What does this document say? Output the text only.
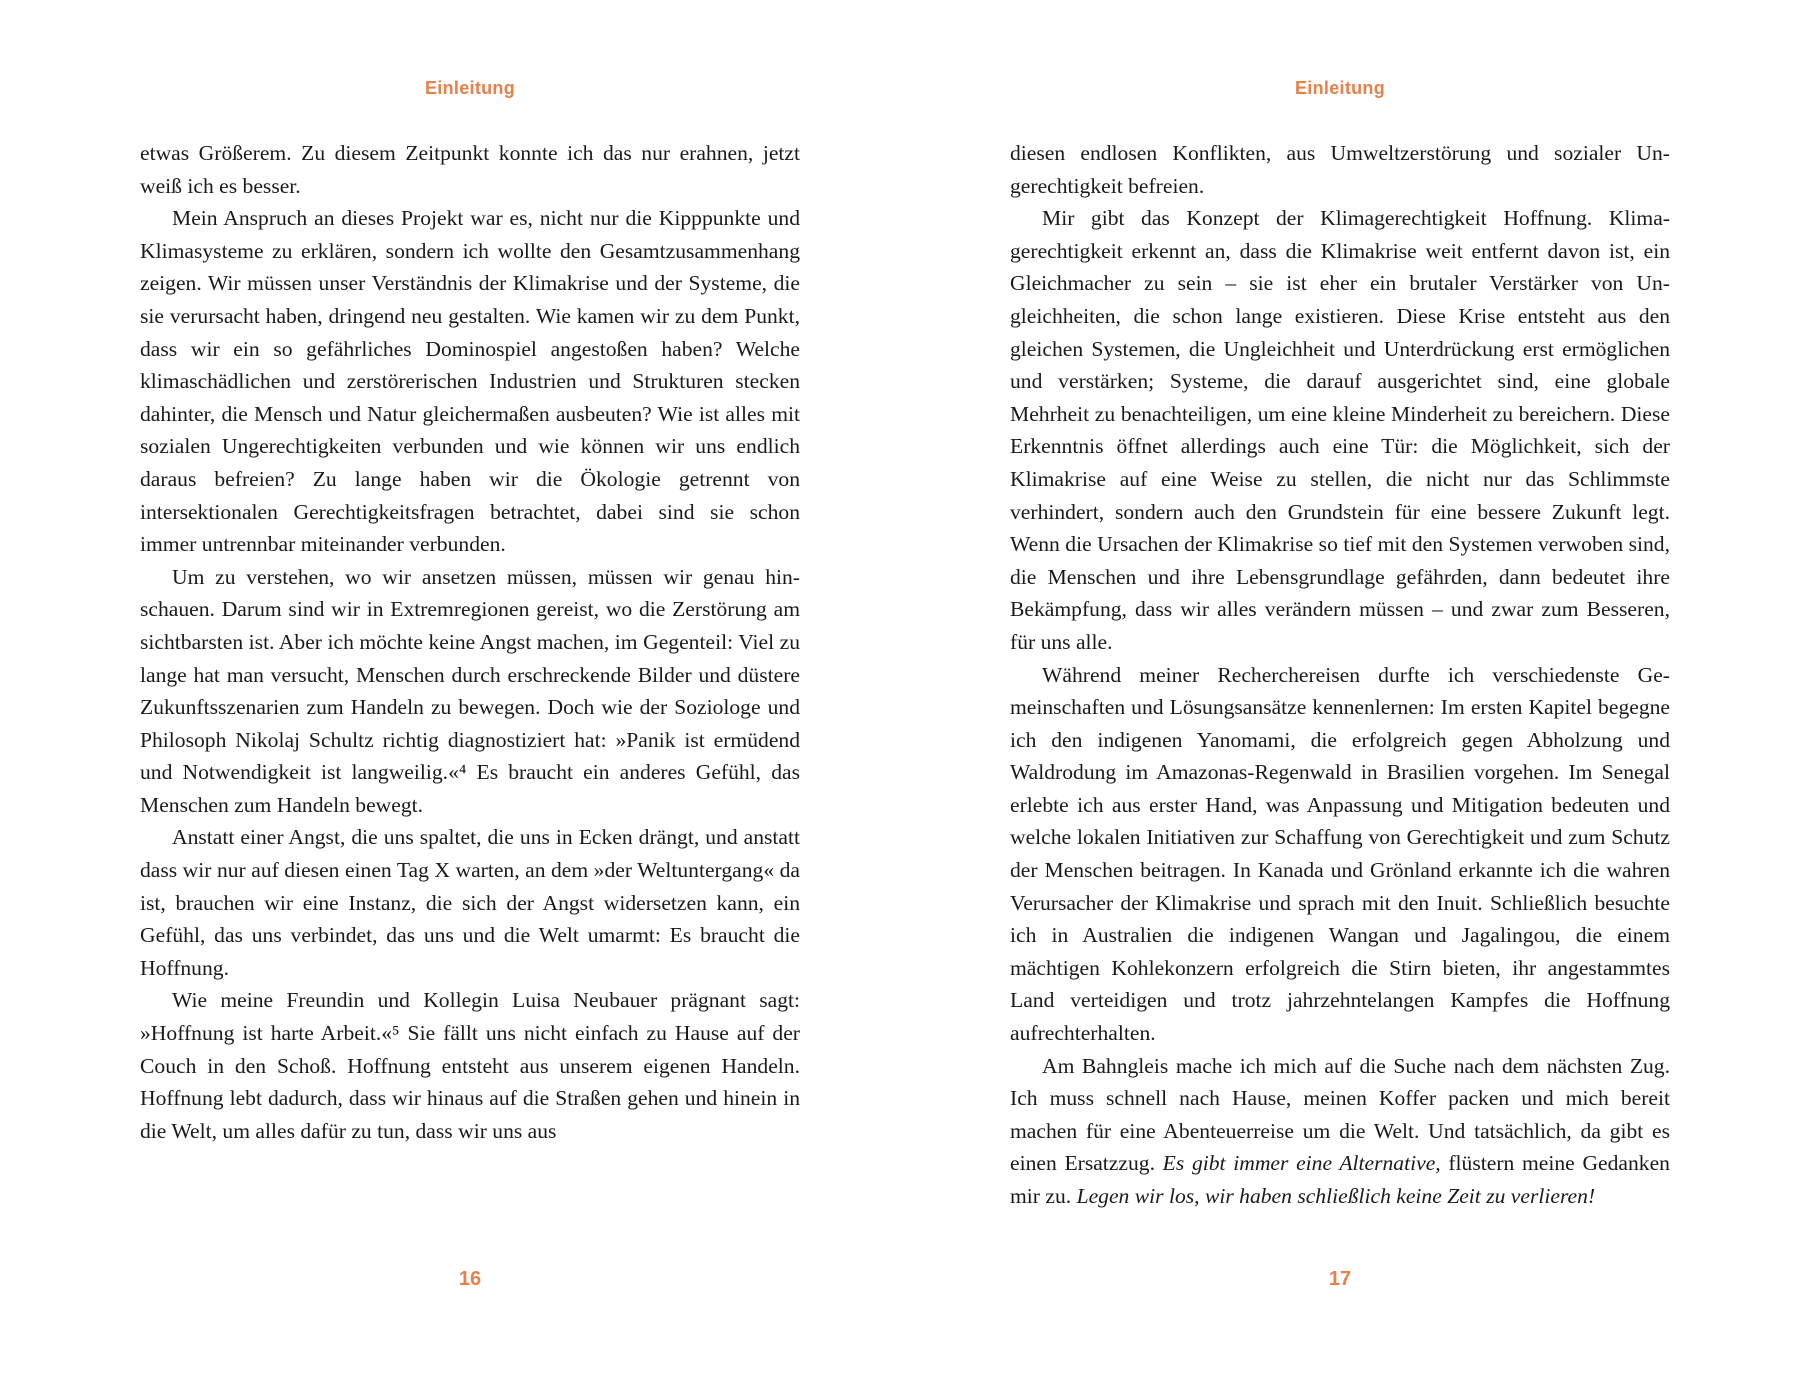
Einleitung

etwas Größerem. Zu diesem Zeitpunkt konnte ich das nur erahnen, jetzt weiß ich es besser.

Mein Anspruch an dieses Projekt war es, nicht nur die Kipppunkte und Klimasysteme zu erklären, sondern ich wollte den Gesamtzusammenhang zeigen. Wir müssen unser Verständnis der Klimakrise und der Systeme, die sie verursacht haben, dringend neu gestalten. Wie kamen wir zu dem Punkt, dass wir ein so gefährliches Dominospiel angestoßen haben? Welche klimaschädlichen und zerstörerischen Industrien und Strukturen stecken dahinter, die Mensch und Natur gleichermaßen ausbeuten? Wie ist alles mit sozialen Ungerechtigkeiten verbunden und wie können wir uns endlich daraus befreien? Zu lange haben wir die Ökologie getrennt von intersektionalen Gerechtigkeitsfragen betrachtet, dabei sind sie schon immer untrennbar miteinander verbunden.

Um zu verstehen, wo wir ansetzen müssen, müssen wir genau hinschauen. Darum sind wir in Extremregionen gereist, wo die Zerstörung am sichtbarsten ist. Aber ich möchte keine Angst machen, im Gegenteil: Viel zu lange hat man versucht, Menschen durch erschreckende Bilder und düstere Zukunftsszenarien zum Handeln zu bewegen. Doch wie der Soziologe und Philosoph Nikolaj Schultz richtig diagnostiziert hat: »Panik ist ermüdend und Notwendigkeit ist langweilig.«⁴ Es braucht ein anderes Gefühl, das Menschen zum Handeln bewegt.

Anstatt einer Angst, die uns spaltet, die uns in Ecken drängt, und anstatt dass wir nur auf diesen einen Tag X warten, an dem »der Weltuntergang« da ist, brauchen wir eine Instanz, die sich der Angst widersetzen kann, ein Gefühl, das uns verbindet, das uns und die Welt umarmt: Es braucht die Hoffnung.

Wie meine Freundin und Kollegin Luisa Neubauer prägnant sagt: »Hoffnung ist harte Arbeit.«⁵ Sie fällt uns nicht einfach zu Hause auf der Couch in den Schoß. Hoffnung entsteht aus unserem eigenen Handeln. Hoffnung lebt dadurch, dass wir hinaus auf die Straßen gehen und hinein in die Welt, um alles dafür zu tun, dass wir uns aus

16
Einleitung

diesen endlosen Konflikten, aus Umweltzerstörung und sozialer Ungerechtigkeit befreien.

Mir gibt das Konzept der Klimagerechtigkeit Hoffnung. Klimagerechtigkeit erkennt an, dass die Klimakrise weit entfernt davon ist, ein Gleichmacher zu sein – sie ist eher ein brutaler Verstärker von Ungleichheiten, die schon lange existieren. Diese Krise entsteht aus den gleichen Systemen, die Ungleichheit und Unterdrückung erst ermöglichen und verstärken; Systeme, die darauf ausgerichtet sind, eine globale Mehrheit zu benachteiligen, um eine kleine Minderheit zu bereichern. Diese Erkenntnis öffnet allerdings auch eine Tür: die Möglichkeit, sich der Klimakrise auf eine Weise zu stellen, die nicht nur das Schlimmste verhindert, sondern auch den Grundstein für eine bessere Zukunft legt. Wenn die Ursachen der Klimakrise so tief mit den Systemen verwoben sind, die Menschen und ihre Lebensgrundlage gefährden, dann bedeutet ihre Bekämpfung, dass wir alles verändern müssen – und zwar zum Besseren, für uns alle.

Während meiner Recherchereisen durfte ich verschiedenste Gemeinschaften und Lösungsansätze kennenlernen: Im ersten Kapitel begegne ich den indigenen Yanomami, die erfolgreich gegen Abholzung und Waldrodung im Amazonas-Regenwald in Brasilien vorgehen. Im Senegal erlebte ich aus erster Hand, was Anpassung und Mitigation bedeuten und welche lokalen Initiativen zur Schaffung von Gerechtigkeit und zum Schutz der Menschen beitragen. In Kanada und Grönland erkannte ich die wahren Verursacher der Klimakrise und sprach mit den Inuit. Schließlich besuchte ich in Australien die indigenen Wangan und Jagalingou, die einem mächtigen Kohlekonzern erfolgreich die Stirn bieten, ihr angestammtes Land verteidigen und trotz jahrzehntelangen Kampfes die Hoffnung aufrechterhalten.

Am Bahngleis mache ich mich auf die Suche nach dem nächsten Zug. Ich muss schnell nach Hause, meinen Koffer packen und mich bereit machen für eine Abenteuerreise um die Welt. Und tatsächlich, da gibt es einen Ersatzzug. Es gibt immer eine Alternative, flüstern meine Gedanken mir zu. Legen wir los, wir haben schließlich keine Zeit zu verlieren!

17
